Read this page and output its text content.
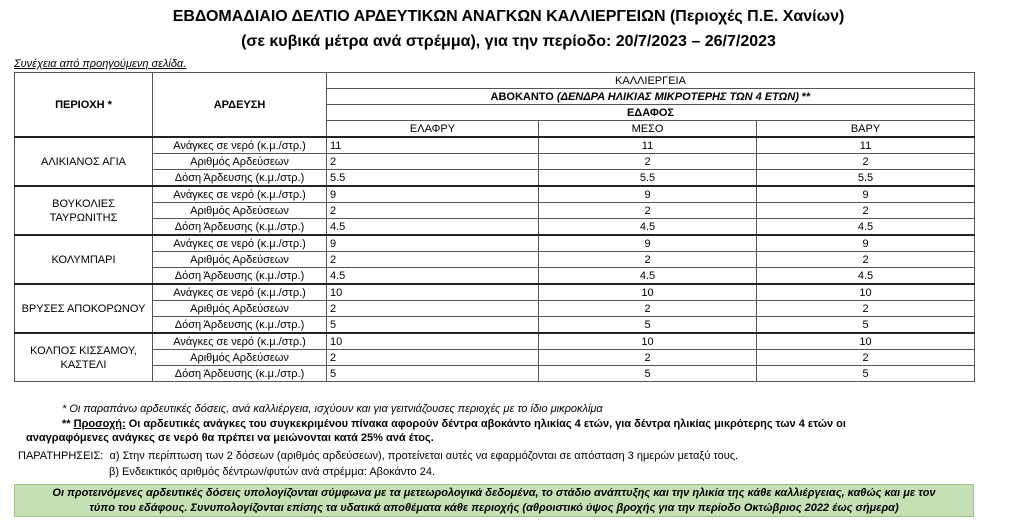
ΕΒΔΟΜΑΔΙΑΙΟ ΔΕΛΤΙΟ ΑΡΔΕΥΤΙΚΩΝ ΑΝΑΓΚΩΝ ΚΑΛΛΙΕΡΓΕΙΩΝ (Περιοχές Π.Ε. Χανίων)
(σε κυβικά μέτρα ανά στρέμμα), για την περίοδο: 20/7/2023 – 26/7/2023
Συνέχεια από προηγούμενη σελίδα.
ΠΕΡΙΟΧΗ *	ΑΡΔΕΥΣΗ	ΚΑΛΛΙΕΡΓΕΙΑ		
		ΑΒΟΚΑΝΤΟ (ΔΕΝΔΡΑ ΗΛΙΚΙΑΣ ΜΙΚΡΟΤΕΡΗΣ ΤΩΝ 4 ΕΤΩΝ) **		
		ΕΔΑΦΟΣ		
		ΕΛΑΦΡΥ	ΜΕΣΟ	ΒΑΡΥ
ΑΛΙΚΙΑΝΟΣ ΑΓΙΑ	Ανάγκες σε νερό (κ.μ./στρ.)	11	11	11
	Αριθμός Αρδεύσεων	2	2	2
	Δόση Άρδευσης (κ.μ./στρ.)	5.5	5.5	5.5
ΒΟΥΚΟΛΙΕΣ ΤΑΥΡΩΝΙΤΗΣ	Ανάγκες σε νερό (κ.μ./στρ.)	9	9	9
	Αριθμός Αρδεύσεων	2	2	2
	Δόση Άρδευσης (κ.μ./στρ.)	4.5	4.5	4.5
ΚΟΛΥΜΠΑΡΙ	Ανάγκες σε νερό (κ.μ./στρ.)	9	9	9
	Αριθμός Αρδεύσεων	2	2	2
	Δόση Άρδευσης (κ.μ./στρ.)	4.5	4.5	4.5
ΒΡΥΣΕΣ ΑΠΟΚΟΡΩΝΟΥ	Ανάγκες σε νερό (κ.μ./στρ.)	10	10	10
	Αριθμός Αρδεύσεων	2	2	2
	Δόση Άρδευσης (κ.μ./στρ.)	5	5	5
ΚΟΛΠΟΣ ΚΙΣΣΑΜΟΥ, ΚΑΣΤΕΛΙ	Ανάγκες σε νερό (κ.μ./στρ.)	10	10	10
	Αριθμός Αρδεύσεων	2	2	2
	Δόση Άρδευσης (κ.μ./στρ.)	5	5	5
* Οι παραπάνω αρδευτικές δόσεις, ανά καλλιέργεια, ισχύουν και για γειτνιάζουσες περιοχές με το ίδιο μικροκλίμα
** Προσοχή: Οι αρδευτικές ανάγκες του συγκεκριμένου πίνακα αφορούν δέντρα αβοκάντο ηλικίας 4 ετών, για δέντρα ηλικίας μικρότερης των 4 ετών οι
αναγραφόμενες ανάγκες σε νερό θα πρέπει να μειώνονται κατά 25% ανά έτος.
ΠΑΡΑΤΗΡΗΣΕΙΣ: α) Στην περίπτωση των 2 δόσεων (αριθμός αρδεύσεων), προτείνεται αυτές να εφαρμόζονται σε απόσταση 3 ημερών μεταξύ τους.
β) Ενδεικτικός αριθμός δέντρων/φυτών ανά στρέμμα: Αβοκάντο 24.
Οι προτεινόμενες αρδευτικές δόσεις υπολογίζονται σύμφωνα με τα μετεωρολογικά δεδομένα, το στάδιο ανάπτυξης και την ηλικία της κάθε καλλιέργειας, καθώς και με τον
τύπο του εδάφους. Συνυπολογίζονται επίσης τα υδατικά αποθέματα κάθε περιοχής (αθροιστικό ύψος βροχής για την περίοδο Οκτώβριος 2022 έως σήμερα)
